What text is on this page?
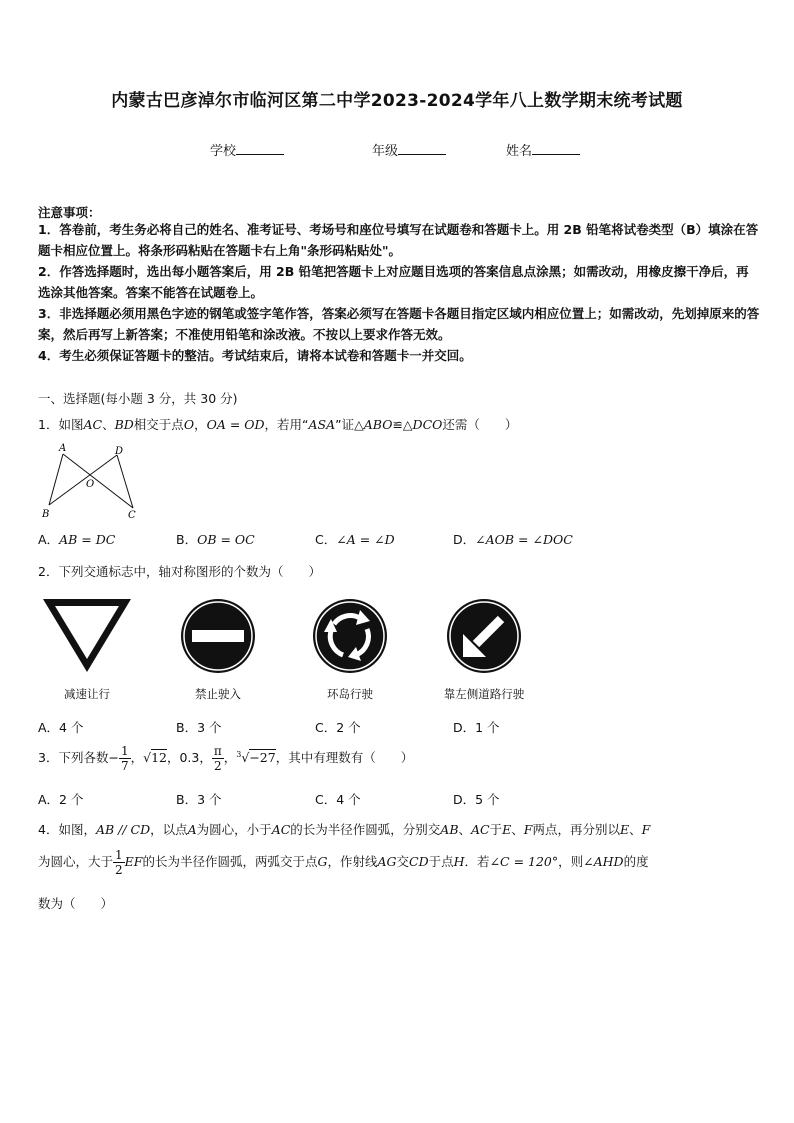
内蒙古巴彦淖尔市临河区第二中学2023-2024学年八上数学期末统考试题
学校	年级	姓名
注意事项：
1．答卷前，考生务必将自己的姓名、准考证号、考场号和座位号填写在试题卷和答题卡上。用 2B 铅笔将试卷类型（B）填涂在答题卡相应位置上。将条形码粘贴在答题卡右上角"条形码粘贴处"。
2．作答选择题时，选出每小题答案后，用 2B 铅笔把答题卡上对应题目选项的答案信息点涂黑；如需改动，用橡皮擦干净后，再选涂其他答案。答案不能答在试题卷上。
3．非选择题必须用黑色字迹的钢笔或签字笔作答，答案必须写在答题卡各题目指定区域内相应位置上；如需改动，先划掉原来的答案，然后再写上新答案；不准使用铅笔和涂改液。不按以上要求作答无效。
4．考生必须保证答题卡的整洁。考试结束后，请将本试卷和答题卡一并交回。
一、选择题(每小题 3 分，共 30 分)
1．如图AC、BD相交于点O，OA = OD，若用“ASA”证△ABO≌△DCO还需（　　）
A	D
O
B	C
A．AB = DC	B．OB = OC	C．∠A = ∠D	D．∠AOB = ∠DOC
2．下列交通标志中，轴对称图形的个数为（　　）
减速让行	禁止驶入	环岛行驶	靠左侧道路行驶
A．4 个	B．3 个	C．2 个	D．1 个
3．下列各数− $\frac{1}{7}$ ，√12，0.3， $\frac{\pi}{2}$ ，$^3$√−27，其中有理数有（　　）
A．2 个	B．3 个	C．4 个	D．5 个
4．如图，AB // CD，以点A为圆心，小于AC的长为半径作圆弧，分别交AB、AC于E、F两点，再分别以E、F
为圆心，大于 $\frac{1}{2}$ EF的长为半径作圆弧，两弧交于点G，作射线AG交CD于点H．若∠C = 120°，则∠AHD的度
数为（　　）
